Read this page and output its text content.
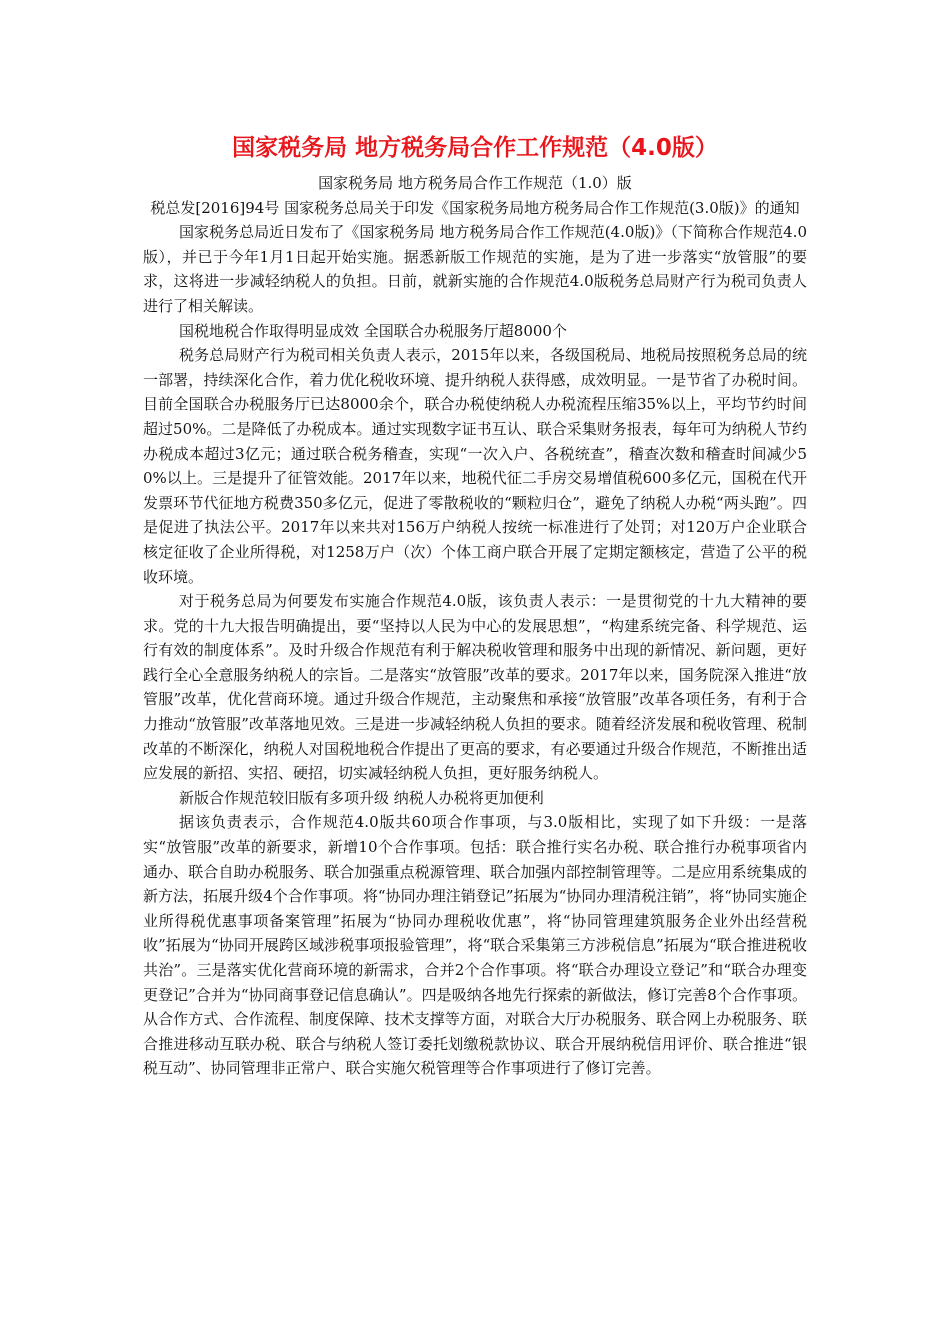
国家税务局 地方税务局合作工作规范（4.0版）

国家税务局 地方税务局合作工作规范（1.0）版

税总发[2016]94号 国家税务总局关于印发《国家税务局地方税务局合作工作规范(3.0版)》的通知

国家税务总局近日发布了《国家税务局 地方税务局合作工作规范(4.0版)》（下简称合作规范4.0版），并已于今年1月1日起开始实施。据悉新版工作规范的实施，是为了进一步落实“放管服”的要求，这将进一步减轻纳税人的负担。日前，就新实施的合作规范4.0版税务总局财产行为税司负责人进行了相关解读。

国税地税合作取得明显成效 全国联合办税服务厅超8000个

税务总局财产行为税司相关负责人表示，2015年以来，各级国税局、地税局按照税务总局的统一部署，持续深化合作，着力优化税收环境、提升纳税人获得感，成效明显。一是节省了办税时间。目前全国联合办税服务厅已达8000余个，联合办税使纳税人办税流程压缩35%以上，平均节约时间超过50%。二是降低了办税成本。通过实现数字证书互认、联合采集财务报表，每年可为纳税人节约办税成本超过3亿元；通过联合税务稽查，实现“一次入户、各税统查”，稽查次数和稽查时间减少50%以上。三是提升了征管效能。2017年以来，地税代征二手房交易增值税600多亿元，国税在代开发票环节代征地方税费350多亿元，促进了零散税收的“颗粒归仓”，避免了纳税人办税“两头跑”。四是促进了执法公平。2017年以来共对156万户纳税人按统一标准进行了处罚；对120万户企业联合核定征收了企业所得税，对1258万户（次）个体工商户联合开展了定期定额核定，营造了公平的税收环境。

对于税务总局为何要发布实施合作规范4.0版，该负责人表示：一是贯彻党的十九大精神的要求。党的十九大报告明确提出，要“坚持以人民为中心的发展思想”，“构建系统完备、科学规范、运行有效的制度体系”。及时升级合作规范有利于解决税收管理和服务中出现的新情况、新问题，更好践行全心全意服务纳税人的宗旨。二是落实“放管服”改革的要求。2017年以来，国务院深入推进“放管服”改革，优化营商环境。通过升级合作规范，主动聚焦和承接“放管服”改革各项任务，有利于合力推动“放管服”改革落地见效。三是进一步减轻纳税人负担的要求。随着经济发展和税收管理、税制改革的不断深化，纳税人对国税地税合作提出了更高的要求，有必要通过升级合作规范，不断推出适应发展的新招、实招、硬招，切实减轻纳税人负担，更好服务纳税人。

新版合作规范较旧版有多项升级 纳税人办税将更加便利

据该负责表示，合作规范4.0版共60项合作事项，与3.0版相比，实现了如下升级：一是落实“放管服”改革的新要求，新增10个合作事项。包括：联合推行实名办税、联合推行办税事项省内通办、联合自助办税服务、联合加强重点税源管理、联合加强内部控制管理等。二是应用系统集成的新方法，拓展升级4个合作事项。将“协同办理注销登记”拓展为“协同办理清税注销”，将“协同实施企业所得税优惠事项备案管理”拓展为“协同办理税收优惠”，将“协同管理建筑服务企业外出经营税收”拓展为“协同开展跨区域涉税事项报验管理”，将“联合采集第三方涉税信息”拓展为“联合推进税收共治”。三是落实优化营商环境的新需求，合并2个合作事项。将“联合办理设立登记”和“联合办理变更登记”合并为“协同商事登记信息确认”。四是吸纳各地先行探索的新做法，修订完善8个合作事项。从合作方式、合作流程、制度保障、技术支撑等方面，对联合大厅办税服务、联合网上办税服务、联合推进移动互联办税、联合与纳税人签订委托划缴税款协议、联合开展纳税信用评价、联合推进“银税互动”、协同管理非正常户、联合实施欠税管理等合作事项进行了修订完善。
